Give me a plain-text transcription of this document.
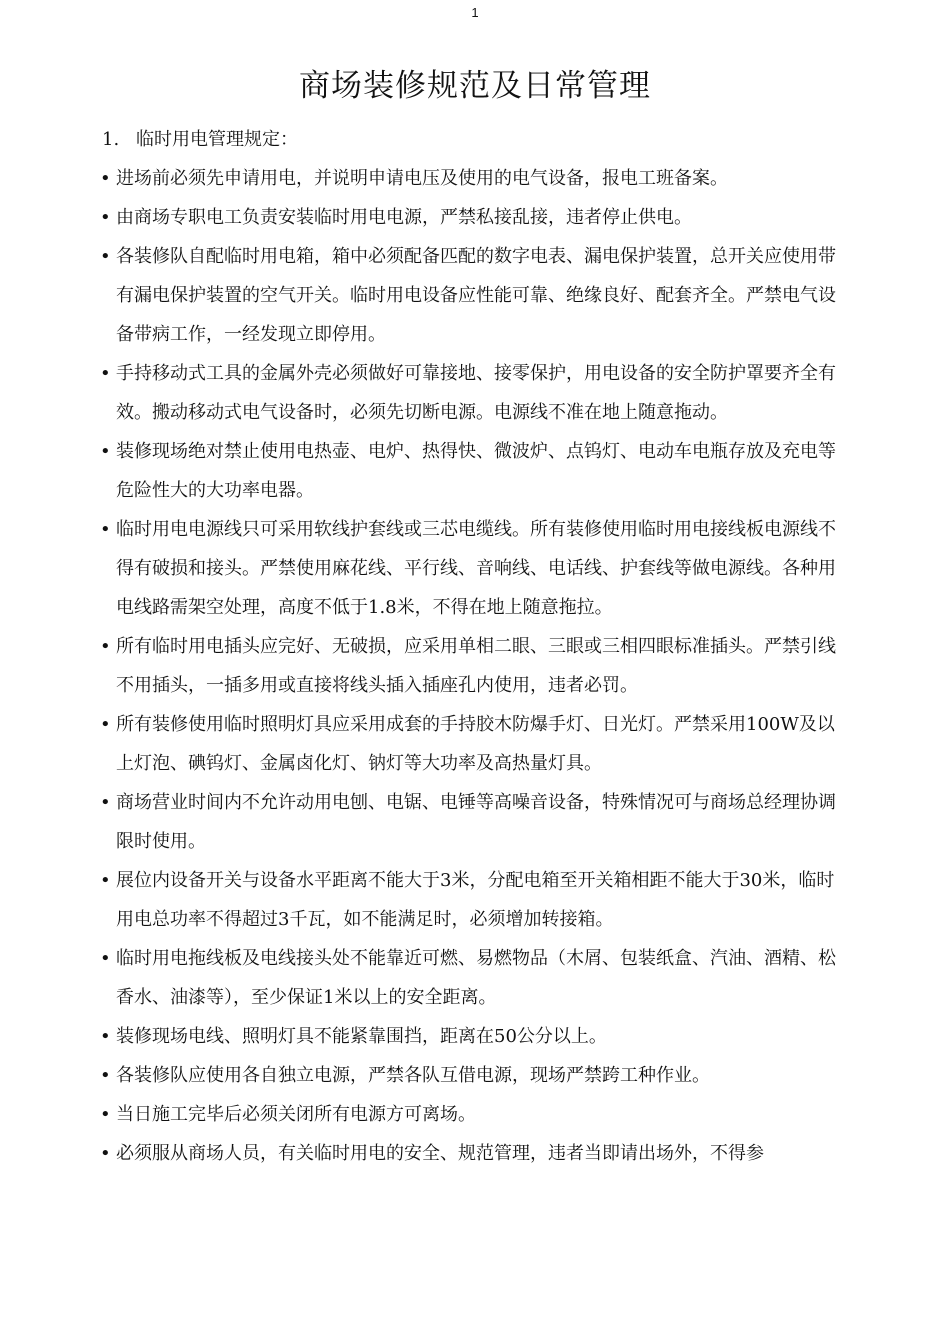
1
商场装修规范及日常管理
1. 临时用电管理规定：
• 进场前必须先申请用电，并说明申请电压及使用的电气设备，报电工班备案。
• 由商场专职电工负责安装临时用电电源，严禁私接乱接，违者停止供电。
• 各装修队自配临时用电箱，箱中必须配备匹配的数字电表、漏电保护装置，总开关应使用带有漏电保护装置的空气开关。临时用电设备应性能可靠、绝缘良好、配套齐全。严禁电气设备带病工作，一经发现立即停用。
• 手持移动式工具的金属外壳必须做好可靠接地、接零保护，用电设备的安全防护罩要齐全有效。搬动移动式电气设备时，必须先切断电源。电源线不准在地上随意拖动。
• 装修现场绝对禁止使用电热壶、电炉、热得快、微波炉、点钨灯、电动车电瓶存放及充电等危险性大的大功率电器。
• 临时用电电源线只可采用软线护套线或三芯电缆线。所有装修使用临时用电接线板电源线不得有破损和接头。严禁使用麻花线、平行线、音响线、电话线、护套线等做电源线。各种用电线路需架空处理，高度不低于1.8米，不得在地上随意拖拉。
• 所有临时用电插头应完好、无破损，应采用单相二眼、三眼或三相四眼标准插头。严禁引线不用插头，一插多用或直接将线头插入插座孔内使用，违者必罚。
• 所有装修使用临时照明灯具应采用成套的手持胶木防爆手灯、日光灯。严禁采用100W及以上灯泡、碘钨灯、金属卤化灯、钠灯等大功率及高热量灯具。
• 商场营业时间内不允许动用电刨、电锯、电锤等高噪音设备，特殊情况可与商场总经理协调限时使用。
• 展位内设备开关与设备水平距离不能大于3米，分配电箱至开关箱相距不能大于30米，临时用电总功率不得超过3千瓦，如不能满足时，必须增加转接箱。
• 临时用电拖线板及电线接头处不能靠近可燃、易燃物品（木屑、包装纸盒、汽油、酒精、松香水、油漆等），至少保证1米以上的安全距离。
• 装修现场电线、照明灯具不能紧靠围挡，距离在50公分以上。
• 各装修队应使用各自独立电源，严禁各队互借电源，现场严禁跨工种作业。
• 当日施工完毕后必须关闭所有电源方可离场。
• 必须服从商场人员，有关临时用电的安全、规范管理，违者当即请出场外，不得参
